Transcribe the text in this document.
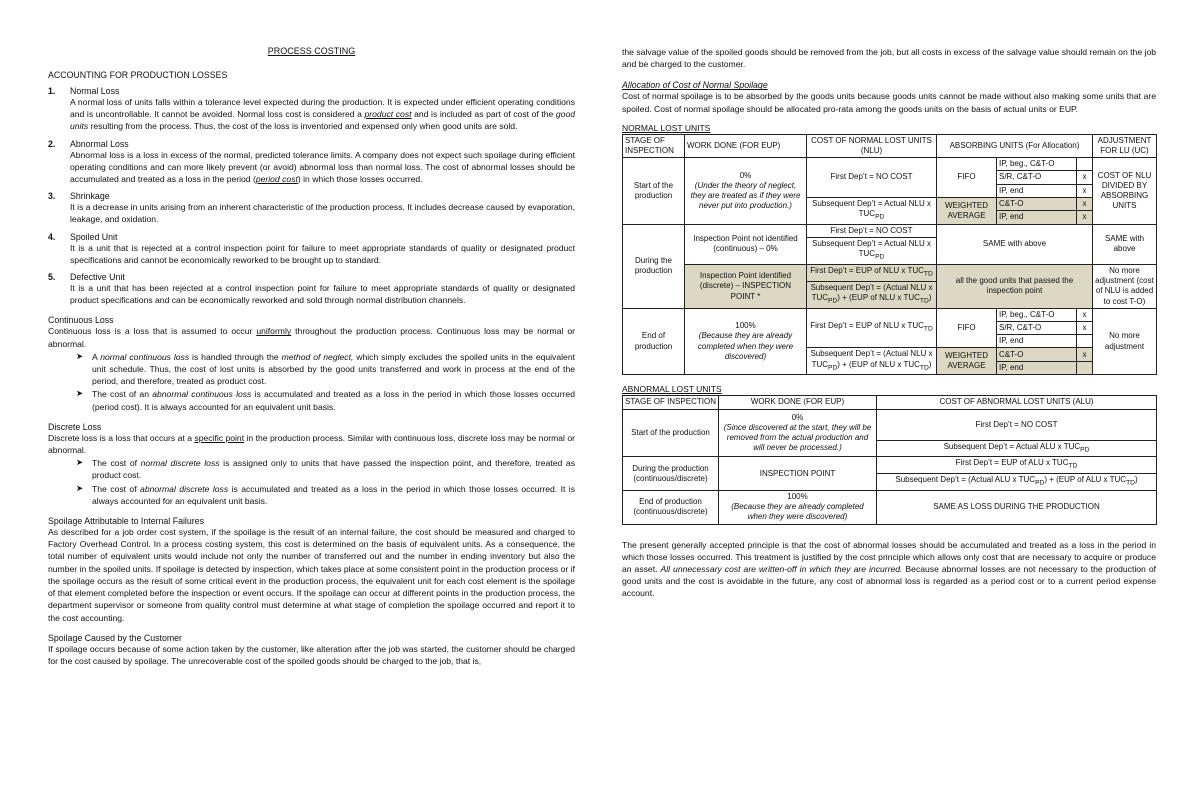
PROCESS COSTING

ACCOUNTING FOR PRODUCTION LOSSES

1.	Normal Loss

A normal loss of units falls within a tolerance level expected during the production. It is expected under efficient operating conditions and is uncontrollable. It cannot be avoided. Normal loss cost is considered a product cost and is included as part of cost of the good units resulting from the process. Thus, the cost of the loss is inventoried and expensed only when good units are sold.

2.	Abnormal Loss

Abnormal loss is a loss in excess of the normal, predicted tolerance limits. A company does not expect such spoilage during efficient operating conditions and can more likely prevent (or avoid) abnormal loss than normal loss. The cost of abnormal losses should be accumulated and treated as a loss in the period (period cost) in which those losses occurred.

3.	Shrinkage

It is a decrease in units arising from an inherent characteristic of the production process. It includes decrease caused by evaporation, leakage, and oxidation.

4.	Spoiled Unit

It is a unit that is rejected at a control inspection point for failure to meet appropriate standards of quality or designated product specifications and cannot be economically reworked to be brought up to standard.

5.	Defective Unit

It is a unit that has been rejected at a control inspection point for failure to meet appropriate standards of quality or designated product specifications and can be economically reworked and sold through normal distribution channels.

Continuous Loss

Continuous loss is a loss that is assumed to occur uniformly throughout the production process. Continuous loss may be normal or abnormal.

➤	A normal continuous loss is handled through the method of neglect, which simply excludes the spoiled units in the equivalent unit schedule. Thus, the cost of lost units is absorbed by the good units transferred and work in process at the end of the period, and therefore, treated as product cost.

➤	The cost of an abnormal continuous loss is accumulated and treated as a loss in the period in which those losses occurred (period cost). It is always accounted for an equivalent unit basis.

Discrete Loss

Discrete loss is a loss that occurs at a specific point in the production process. Similar with continuous loss, discrete loss may be normal or abnormal.

➤	The cost of normal discrete loss is assigned only to units that have passed the inspection point, and therefore, treated as product cost.

➤	The cost of abnormal discrete loss is accumulated and treated as a loss in the period in which those losses occurred. It is always accounted for an equivalent unit basis.

Spoilage Attributable to Internal Failures

As described for a job order cost system, if the spoilage is the result of an internal failure, the cost should be measured and charged to Factory Overhead Control. In a process costing system, this cost is determined on the basis of equivalent units. As a consequence, the total number of equivalent units would include not only the number of transferred out and the number in ending inventory but also the number in the spoiled units. If spoilage is detected by inspection, which takes place at some consistent point in the production process or if the spoilage occurs as the result of some critical event in the production process, the equivalent unit for each cost element is the spoilage of that element completed before the inspection or event occurs. If the spoilage can occur at different points in the production process, the department supervisor or someone from quality control must determine at what stage of completion the spoilage occurred and report it to the cost accounting.

Spoilage Caused by the Customer

If spoilage occurs because of some action taken by the customer, like alteration after the job was started, the customer should be charged for the cost caused by spoilage. The unrecoverable cost of the spoiled goods should be charged to the job, that is,

the salvage value of the spoiled goods should be removed from the job, but all costs in excess of the salvage value should remain on the job and be charged to the customer.

Allocation of Cost of Normal Spoilage

Cost of normal spoilage is to be absorbed by the goods units because goods units cannot be made without also making some units that are spoiled. Cost of normal spoilage should be allocated pro-rata among the goods units on the basis of actual units or EUP.

NORMAL LOST UNITS

STAGE OF INSPECTION	WORK DONE (FOR EUP)	COST OF NORMAL LOST UNITS (NLU)	ABSORBING UNITS (For Allocation)			ADJUSTMENT FOR LU (UC)
Start of the production	0%
(Under the theory of neglect, they are treated as if they were never put into production.)	First Dep’t = NO COST	FIFO	IP, beg., C&T-O		COST OF NLU DIVIDED BY ABSORBING UNITS
				S/R, C&T-O	x	
				IP, end	x	
		Subsequent Dep’t = Actual NLU x $TUC_{PD}$	WEIGHTED AVERAGE	C&T-O	x	
				IP, end	x	
During the production	Inspection Point not identified (continuous) – 0%	First Dep’t = NO COST	SAME with above			SAME with above
		Subsequent Dep’t = Actual NLU x $TUC_{PD}$
	Inspection Point identified (discrete) – INSPECTION POINT *	First Dep’t = EUP of NLU x $TUC_{TD}$	all the good units that passed the inspection point			No more adjustment (cost of NLU is added to cost T-O)
		Subsequent Dep’t = (Actual NLU x $TUC_{PD}) + (EUP$ of NLU x $TUC_{TD}$)				
End of production	100%
(Because they are already completed when they were discovered)	First Dep’t = EUP of NLU x $TUC_{TD}$	FIFO	IP, beg., C&T-O	x	No more adjustment
				S/R, C&T-O	x	
				IP, end		
		Subsequent Dep’t = (Actual NLU x $TUC_{PD}) + (EUP$ of NLU x $TUC_{TD}$)	WEIGHTED AVERAGE	C&T-O	x	
				IP, end		

ABNORMAL LOST UNITS

STAGE OF INSPECTION	WORK DONE (FOR EUP)	COST OF ABNORMAL LOST UNITS (ALU)
Start of the production	0%
(Since discovered at the start, they will be removed from the actual production and will never be processed.)	First Dep’t = NO COST
		Subsequent Dep’t = Actual ALU x $TUC_{PD}$
During the production (continuous/discrete)	INSPECTION POINT	First Dep’t = EUP of ALU x $TUC_{TD}$
		Subsequent Dep’t = (Actual ALU x $TUC_{PD}) + (EUP$ of ALU x $TUC_{TD}$)
End of production (continuous/discrete)	100%
(Because they are already completed when they were discovered)	SAME AS LOSS DURING THE PRODUCTION

The present generally accepted principle is that the cost of abnormal losses should be accumulated and treated as a loss in the period in which those losses occurred. This treatment is justified by the cost principle which allows only cost that are necessary to acquire or produce an asset. All unnecessary cost are written-off in which they are incurred. Because abnormal losses are not necessary to the production of good units and the cost is avoidable in the future, any cost of abnormal loss is regarded as a period cost or to a current period expense account.
